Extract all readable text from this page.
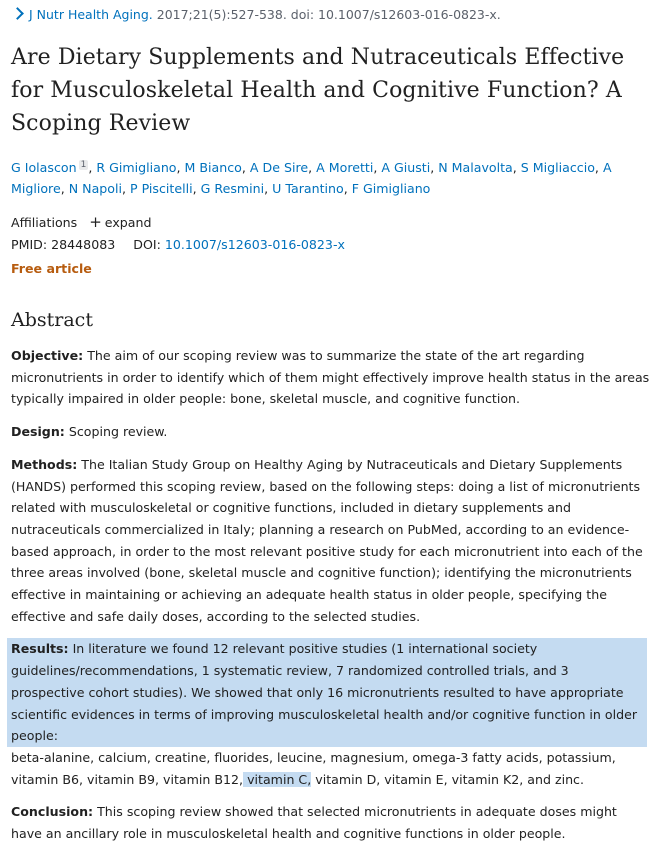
J Nutr Health Aging. 2017;21(5):527-538. doi: 10.1007/s12603-016-0823-x.
Are Dietary Supplements and Nutraceuticals Effective for Musculoskeletal Health and Cognitive Function? A Scoping Review
G Iolascon $^1$ , R Gimigliano, M Bianco, A De Sire, A Moretti, A Giusti, N Malavolta, S Migliaccio, A Migliore, N Napoli, P Piscitelli, G Resmini, U Tarantino, F Gimigliano
Affiliations + expand
PMID: 28448083 DOI: 10.1007/s12603-016-0823-x
Free article
Abstract

Objective: The aim of our scoping review was to summarize the state of the art regarding micronutrients in order to identify which of them might effectively improve health status in the areas typically impaired in older people: bone, skeletal muscle, and cognitive function.

Design: Scoping review.

Methods: The Italian Study Group on Healthy Aging by Nutraceuticals and Dietary Supplements (HANDS) performed this scoping review, based on the following steps: doing a list of micronutrients related with musculoskeletal or cognitive functions, included in dietary supplements and nutraceuticals commercialized in Italy; planning a research on PubMed, according to an evidence-based approach, in order to the most relevant positive study for each micronutrient into each of the three areas involved (bone, skeletal muscle and cognitive function); identifying the micronutrients effective in maintaining or achieving an adequate health status in older people, specifying the effective and safe daily doses, according to the selected studies.

Results: In literature we found 12 relevant positive studies (1 international society guidelines/recommendations, 1 systematic review, 7 randomized controlled trials, and 3 prospective cohort studies). We showed that only 16 micronutrients resulted to have appropriate scientific evidences in terms of improving musculoskeletal health and/or cognitive function in older people:
beta-alanine, calcium, creatine, fluorides, leucine, magnesium, omega-3 fatty acids, potassium, vitamin B6, vitamin B9, vitamin B12, vitamin C, vitamin D, vitamin E, vitamin K2, and zinc.

Conclusion: This scoping review showed that selected micronutrients in adequate doses might have an ancillary role in musculoskeletal health and cognitive functions in older people.
